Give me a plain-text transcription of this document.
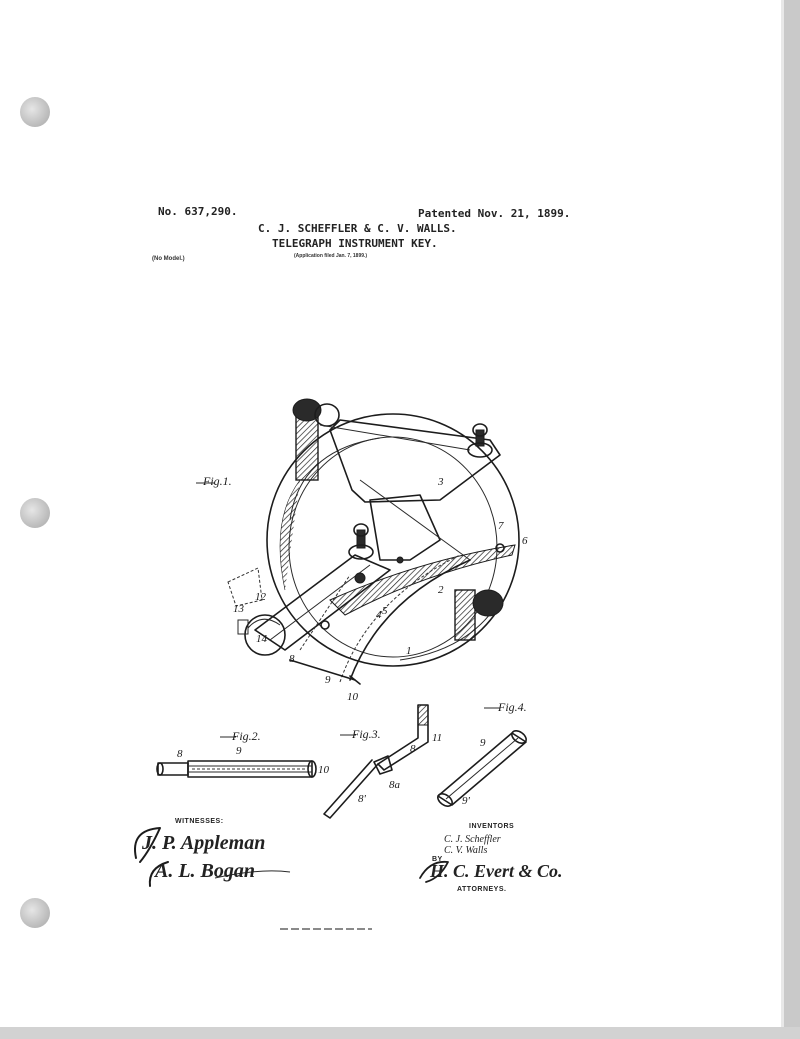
No. 637,290.	Patented Nov. 21, 1899.
C. J. SCHEFFLER & C. V. WALLS.
TELEGRAPH INSTRUMENT KEY.
(Application filed Jan. 7, 1899.)
(No Model.)
Fig.1.
1
2
3
4 5
6
7
8
9
10
12
13
14
Fig.2.
8	9
10
Fig.3.	11
8
8a
8'
Fig.4.
9
9'
WITNESSES:
J. P. Appleman
A. L. Bogan
INVENTORS
C. J. Scheffler
C. V. Walls
BY
H. C. Evert & Co.
ATTORNEYS.
